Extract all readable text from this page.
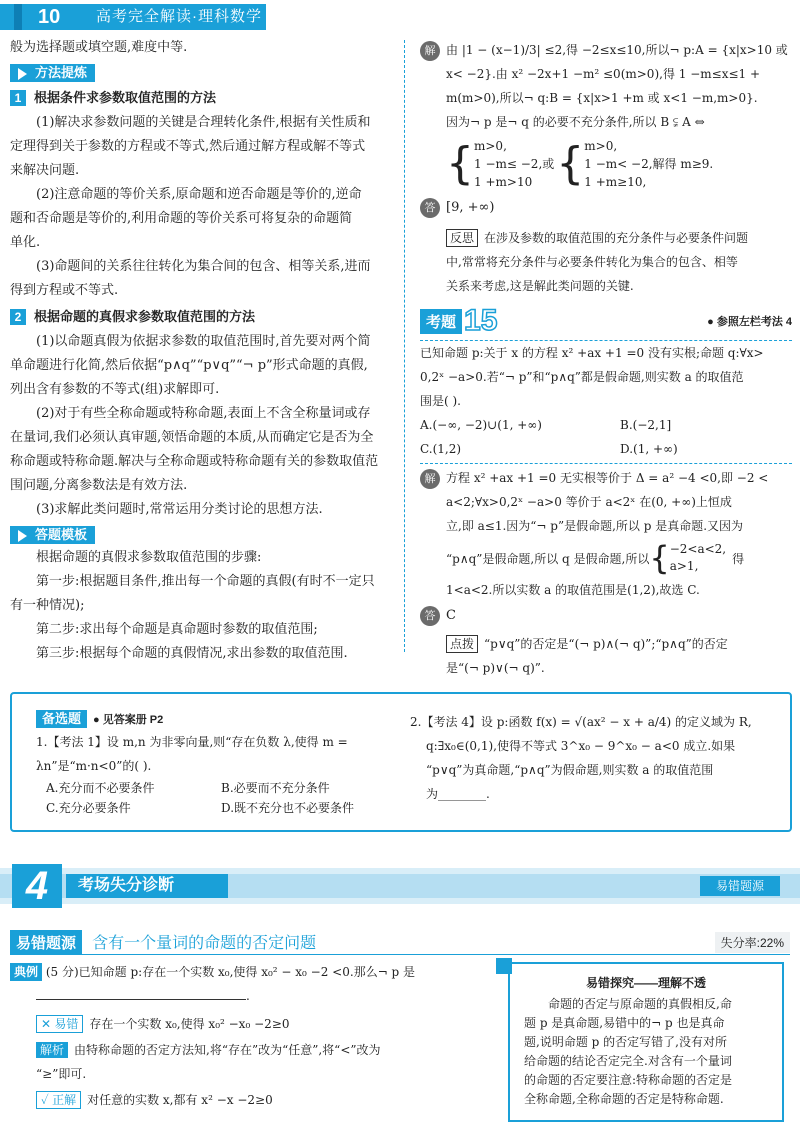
10	高考完全解读·理科数学
般为选择题或填空题,难度中等.
方法提炼
1 根据条件求参数取值范围的方法
(1)解决求参数问题的关键是合理转化条件,根据有关性质和
定理得到关于参数的方程或不等式,然后通过解方程或解不等式
来解决问题.
(2)注意命题的等价关系,原命题和逆否命题是等价的,逆命
题和否命题是等价的,利用命题的等价关系可将复杂的命题简
单化.
(3)命题间的关系往往转化为集合间的包含、相等关系,进而
得到方程或不等式.
2 根据命题的真假求参数取值范围的方法
(1)以命题真假为依据求参数的取值范围时,首先要对两个简
单命题进行化简,然后依据“p∧q”“p∨q”“¬ p”形式命题的真假,
列出含有参数的不等式(组)求解即可.
(2)对于有些全称命题或特称命题,表面上不含全称量词或存
在量词,我们必须认真审题,领悟命题的本质,从而确定它是否为全
称命题或特称命题.解决与全称命题或特称命题有关的参数取值范
围问题,分离参数法是有效方法.
(3)求解此类问题时,常常运用分类讨论的思想方法.
答题模板
根据命题的真假求参数取值范围的步骤:
第一步:根据题目条件,推出每一个命题的真假(有时不一定只
有一种情况);
第二步:求出每个命题是真命题时参数的取值范围;
第三步:根据每个命题的真假情况,求出参数的取值范围.
解 由 |1 − (x−1)/3| ≤2,得 −2≤x≤10,所以¬ p:A = {x|x>10 或
x< −2}.由 x² −2x+1 −m² ≤0(m>0),得 1 −m≤x≤1 +
m(m>0),所以¬ q:B = {x|x>1 +m 或 x<1 −m,m>0}.
因为¬ p 是¬ q 的必要不充分条件,所以 B ⫋ A ⇔
{ m>0,
1 −m≤ −2,或
1 +m>10 { m>0,
1 −m< −2,解得 m≥9.
1 +m≥10,
答 [9, +∞)
反思 在涉及参数的取值范围的充分条件与必要条件问题
中,常常将充分条件与必要条件转化为集合的包含、相等
关系来考虑,这是解此类问题的关键.
考题 15	● 参照左栏考法 4
已知命题 p:关于 x 的方程 x² +ax +1 =0 没有实根;命题 q:∀x>
0,2ˣ −a>0.若“¬ p”和“p∧q”都是假命题,则实数 a 的取值范
围是( ).
A.(−∞, −2)∪(1, +∞)	B.(−2,1]
C.(1,2)	D.(1, +∞)
解 方程 x² +ax +1 =0 无实根等价于 Δ = a² −4 <0,即 −2 <
a<2;∀x>0,2ˣ −a>0 等价于 a<2ˣ 在(0, +∞)上恒成
立,即 a≤1.因为“¬ p”是假命题,所以 p 是真命题.又因为
“p∧q”是假命题,所以 q 是假命题,所以 { −2<a<2,
a>1,
得
1<a<2.所以实数 a 的取值范围是(1,2),故选 C.
答 C
点拨 “p∨q”的否定是“(¬ p)∧(¬ q)”;“p∧q”的否定
是“(¬ p)∨(¬ q)”.
备选题	● 见答案册 P2
1.【考法 1】设 m,n 为非零向量,则“存在负数 λ,使得 m =
λn”是“m·n<0”的( ).
A.充分而不必要条件	B.必要而不充分条件
C.充分必要条件	D.既不充分也不必要条件
2.【考法 4】设 p:函数 f(x) = √(ax² − x + a/4) 的定义域为 R,
q:∃x₀∈(0,1),使得不等式 3^x₀ − 9^x₀ − a<0 成立.如果
“p∨q”为真命题,“p∧q”为假命题,则实数 a 的取值范围
为________.
4	考场失分诊断	易错题源
易错题源 含有一个量词的命题的否定问题	失分率:22%
典例 (5 分)已知命题 p:存在一个实数 x₀,使得 x₀² − x₀ −2 <0.那么¬ p 是
.
✕ 易错 存在一个实数 x₀,使得 x₀² −x₀ −2≥0
解析 由特称命题的否定方法知,将“存在”改为“任意”,将“<”改为
“≥”即可.
✓ 正解 对任意的实数 x,都有 x² −x −2≥0
易错探究——理解不透
命题的否定与原命题的真假相反,命
题 p 是真命题,易错中的¬ p 也是真命
题,说明命题 p 的否定写错了,没有对所
给命题的结论否定完全.对含有一个量词
的命题的否定要注意:特称命题的否定是
全称命题,全称命题的否定是特称命题.
